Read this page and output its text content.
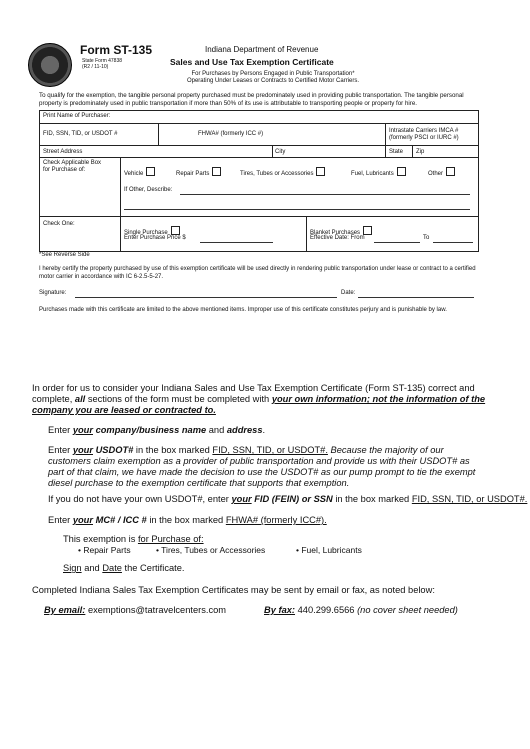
Form ST-135
State Form 47838
(R2 / 11-10)
Indiana Department of Revenue
Sales and Use Tax Exemption Certificate
For Purchases by Persons Engaged in Public Transportation*
Operating Under Leases or Contracts to Certified Motor Carriers.
To qualify for the exemption, the tangible personal property purchased must be predominately used in providing public transportation. The tangible personal property is predominately used in public transportation if more than 50% of its use is attributable to transporting people or property for hire.
Print Name of Purchaser:
FID, SSN, TID, or USDOT #	FHWA# (formerly ICC #)	Intrastate Carriers IMCA #
(formerly PSCI or IURC #)
Street Address	City	State Zip
Check Applicable Box
for Purchase of:
Vehicle	Repair Parts	Tires, Tubes or Accessories	Fuel, Lubricants	Other
If Other, Describe:
Check One:
Single Purchase
Enter Purchase Price $
Blanket Purchases
Effective Date: From	To
*See Reverse Side
I hereby certify the property purchased by use of this exemption certificate will be used directly in rendering public transportation under lease or contract to a certified motor carrier in accordance with IC 6-2.5-5-27.
Signature:	Date:
Purchases made with this certificate are limited to the above mentioned items. Improper use of this certificate constitutes perjury and is punishable by law.
In order for us to consider your Indiana Sales and Use Tax Exemption Certificate (Form ST-135) correct and complete, all sections of the form must be completed with your own information; not the information of the company you are leased or contracted to.
Enter your company/business name and address.
Enter your USDOT# in the box marked FID, SSN, TID, or USDOT#. Because the majority of our customers claim exemption as a provider of public transportation and provide us with their USDOT# as part of that claim, we have made the decision to use the USDOT# as our pump prompt to tie the exempt diesel purchase to the exemption certificate that supports that exemption.
If you do not have your own USDOT#, enter your FID (FEIN) or SSN in the box marked FID, SSN, TID, or USDOT#.
Enter your MC# / ICC # in the box marked FHWA# (formerly ICC#).
This exemption is for Purchase of:
• Repair Parts	• Tires, Tubes or Accessories	• Fuel, Lubricants
Sign and Date the Certificate.
Completed Indiana Sales Tax Exemption Certificates may be sent by email or fax, as noted below:
By email: exemptions@tatravelcenters.com	By fax: 440.299.6566 (no cover sheet needed)
